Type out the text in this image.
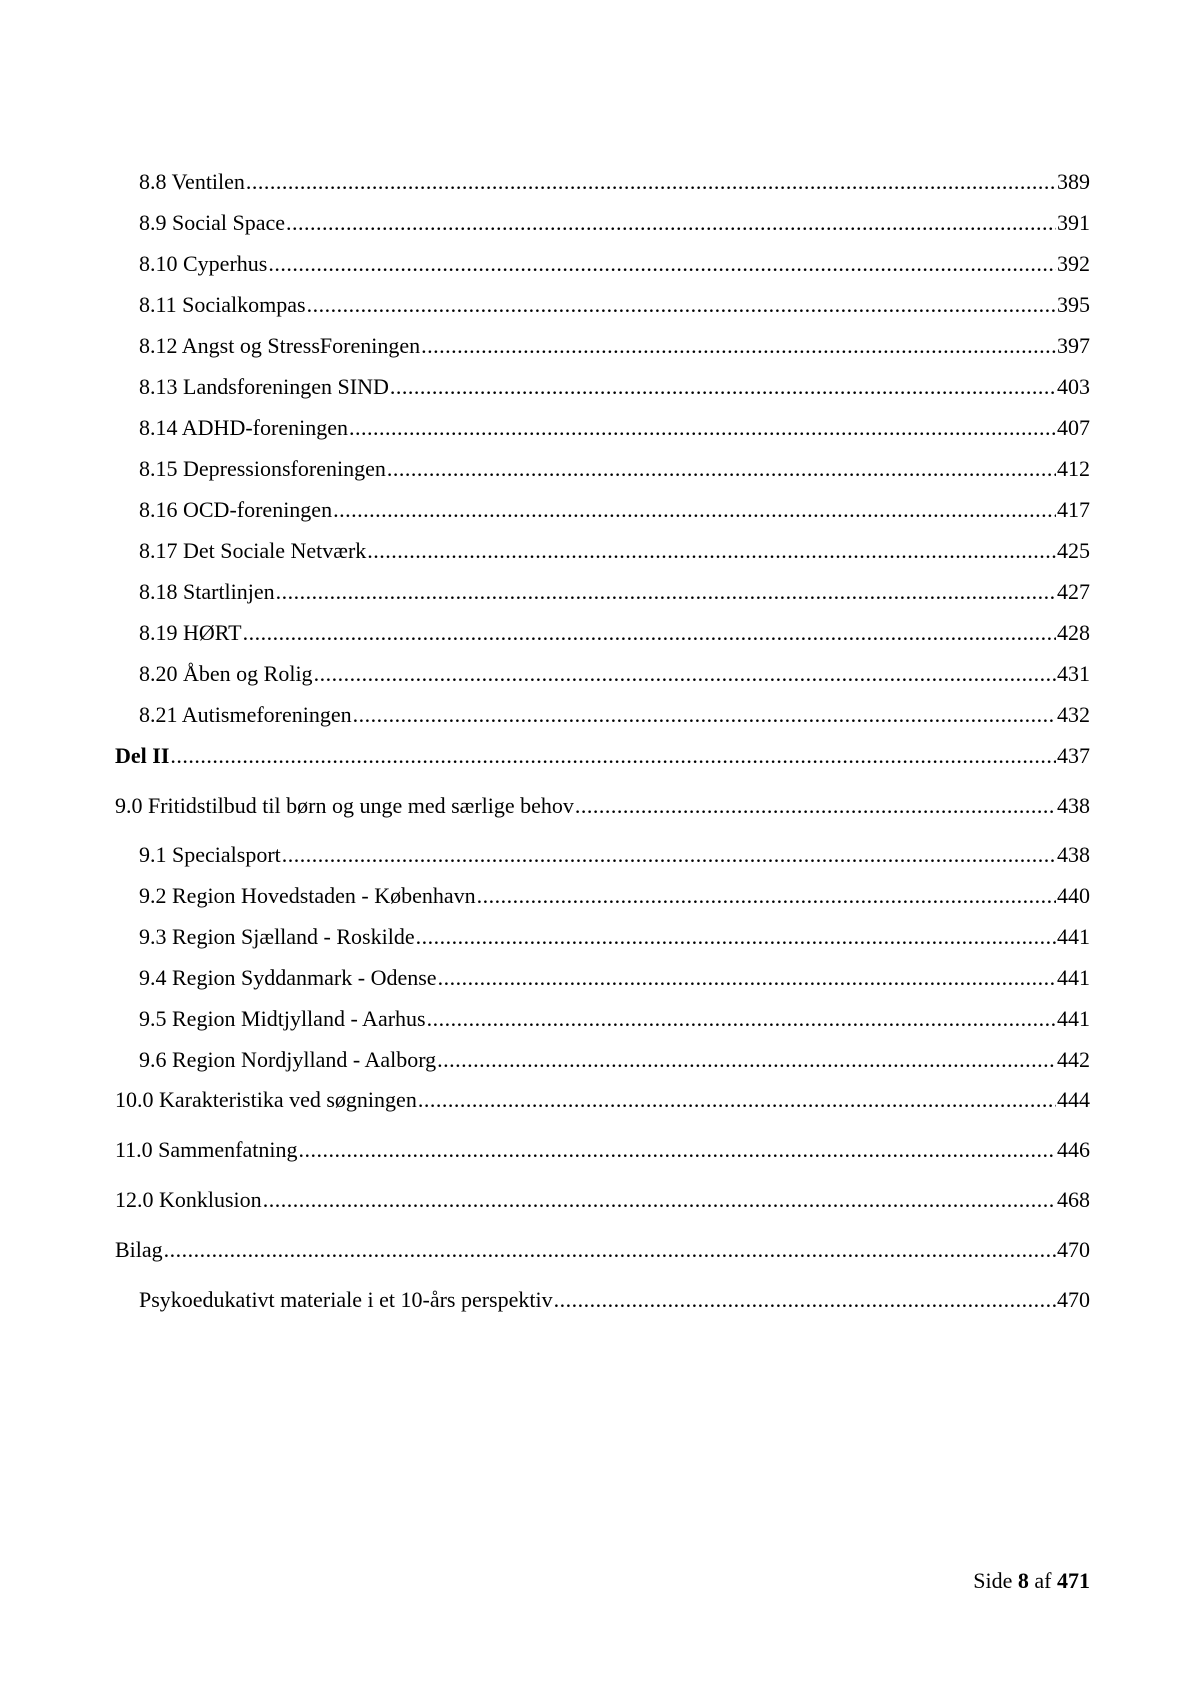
8.8 Ventilen .....	389
8.9 Social Space .....	391
8.10 Cyperhus .....	392
8.11 Socialkompas .....	395
8.12 Angst og StressForeningen .....	397
8.13 Landsforeningen SIND .....	403
8.14 ADHD-foreningen .....	407
8.15 Depressionsforeningen .....	412
8.16 OCD-foreningen .....	417
8.17 Det Sociale Netværk .....	425
8.18 Startlinjen .....	427
8.19 HØRT .....	428
8.20 Åben og Rolig .....	431
8.21 Autismeforeningen .....	432
Del II .....	437
9.0 Fritidstilbud til børn og unge med særlige behov .....	438
9.1 Specialsport .....	438
9.2 Region Hovedstaden - København .....	440
9.3 Region Sjælland - Roskilde .....	441
9.4 Region Syddanmark - Odense .....	441
9.5 Region Midtjylland - Aarhus .....	441
9.6 Region Nordjylland - Aalborg .....	442
10.0 Karakteristika ved søgningen .....	444
11.0 Sammenfatning .....	446
12.0 Konklusion .....	468
Bilag .....	470
Psykoedukativt materiale i et 10-års perspektiv .....	470
Side 8 af 471
